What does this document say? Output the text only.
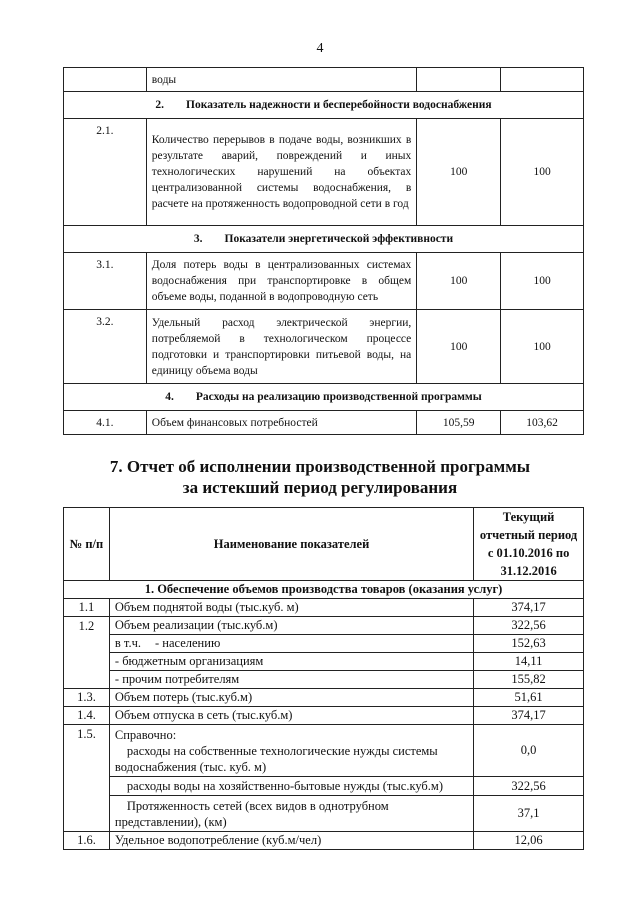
4
	воды		
2. Показатель надежности и бесперебойности водоснабжения			
2.1.	Количество перерывов в подаче воды, возникших в результате аварий, повреждений и иных технологических нарушений на объектах централизованной системы водоснабжения, в расчете на протяженность водопроводной сети в год	100	100
3. Показатели энергетической эффективности			
3.1.	Доля потерь воды в централизованных системах водоснабжения при транспортировке в общем объеме воды, поданной в водопроводную сеть	100	100
3.2.	Удельный расход электрической энергии, потребляемой в технологическом процессе подготовки и транспортировки питьевой воды, на единицу объема воды	100	100
4. Расходы на реализацию производственной программы			
4.1.	Объем финансовых потребностей	105,59	103,62
7. Отчет об исполнении производственной программы
за истекший период регулирования
№ п/п	Наименование показателей	Текущий
отчетный период
с 01.10.2016 по
31.12.2016

1. Обеспечение объемов производства товаров (оказания услуг)		
1.1	Объем поднятой воды (тыс.куб. м)	374,17
1.2	Объем реализации (тыс.куб.м)	322,56
	в т.ч. - населению	152,63
	- бюджетным организациям	14,11
	- прочим потребителям	155,82
1.3.	Объем потерь (тыс.куб.м)	51,61
1.4.	Объем отпуска в сеть (тыс.куб.м)	374,17
1.5.	Справочно:
расходы на собственные технологические нужды системы
водоснабжения (тыс. куб. м)	0,0
	расходы воды на хозяйственно-бытовые нужды (тыс.куб.м)	322,56

	Протяженность сетей (всех видов в однотрубном
представлении), (км)	37,1
1.6.	Удельное водопотребление (куб.м/чел)	12,06
